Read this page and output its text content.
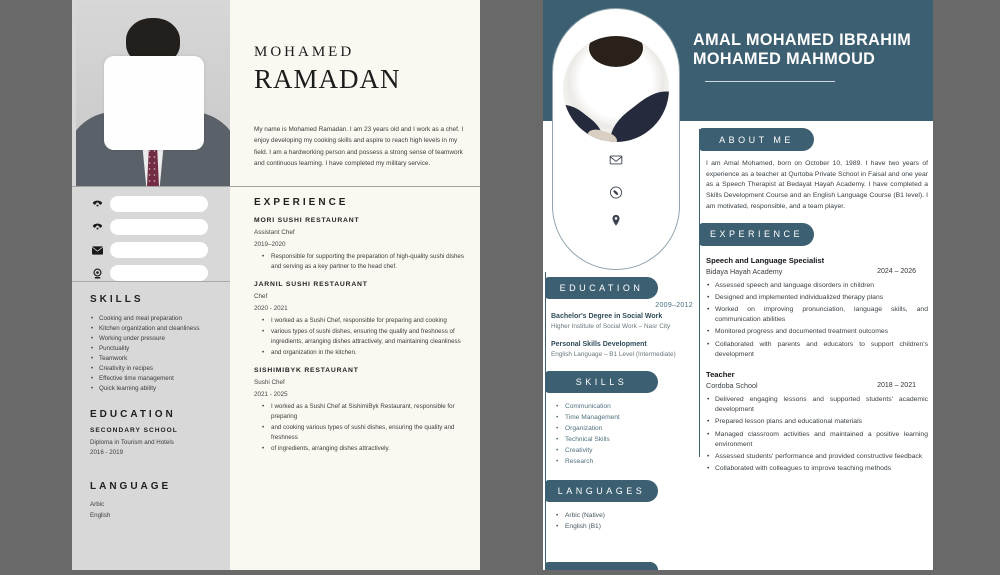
SKILLS
• Cooking and meal preparation
• Kitchen organization and cleanliness
• Working under pressure
• Punctuality
• Teamwork
• Creativity in recipes
• Effective time management
• Quick learning ability
EDUCATION
SECONDARY SCHOOL
Diploma in Tourism and Hotels
2016 - 2019
LANGUAGE
Arbic
English
MOHAMED
RAMADAN

My name is Mohamed Ramadan. I am 23 years old and I work as a chef. I enjoy developing my cooking skills and aspire to reach high levels in my field. I am a hardworking person and possess a strong sense of teamwork and continuous learning. I have completed my military service.

EXPERIENCE
MORI SUSHI RESTAURANT
Assistant Chef
2019–2020
• Responsible for supporting the preparation of high-quality sushi dishes and serving as a key partner to the head chef.
JARNIL SUSHI RESTAURANT
Chef
2020 - 2021
• I worked as a Sushi Chef, responsible for preparing and cooking
• various types of sushi dishes, ensuring the quality and freshness of ingredients, arranging dishes attractively, and maintaining cleanliness
• and organization in the kitchen.
SISHIMIBYK RESTAURANT
Sushi Chef
2021 - 2025
• I worked as a Sushi Chef at SishimiByk Restaurant, responsible for preparing
• and cooking various types of sushi dishes, ensuring the quality and freshness
• of ingredients, arranging dishes attractively.
AMAL MOHAMED IBRAHIM
MOHAMED MAHMOUD
EDUCATION
2009–2012
Bachelor's Degree in Social Work
Higher Institute of Social Work – Nasr City
Personal Skills Development
English Language – B1 Level (Intermediate)
SKILLS
• Communication
• Time Management
• Organization
• Technical Skills
• Creativity
• Research
LANGUAGES
• Arbic (Native)
• English (B1)
ABOUT ME

I am Amal Mohamed, born on October 10, 1989. I have two years of experience as a teacher at Qurtoba Private School in Faisal and one year as a Speech Therapist at Bedayat Hayah Academy. I have completed a Skills Development Course and an English Language Course (B1 level). I am motivated, responsible, and a team player.

EXPERIENCE
Speech and Language Specialist
Bidaya Hayah Academy	2024 – 2026
• Assessed speech and language disorders in children
• Designed and implemented individualized therapy plans
• Worked on improving pronunciation, language skills, and communication abilities
• Monitored progress and documented treatment outcomes
• Collaborated with parents and educators to support children's development
Teacher
Cordoba School	2018 – 2021
• Delivered engaging lessons and supported students' academic development
• Prepared lesson plans and educational materials
• Managed classroom activities and maintained a positive learning environment
• Assessed students' performance and provided constructive feedback
• Collaborated with colleagues to improve teaching methods
